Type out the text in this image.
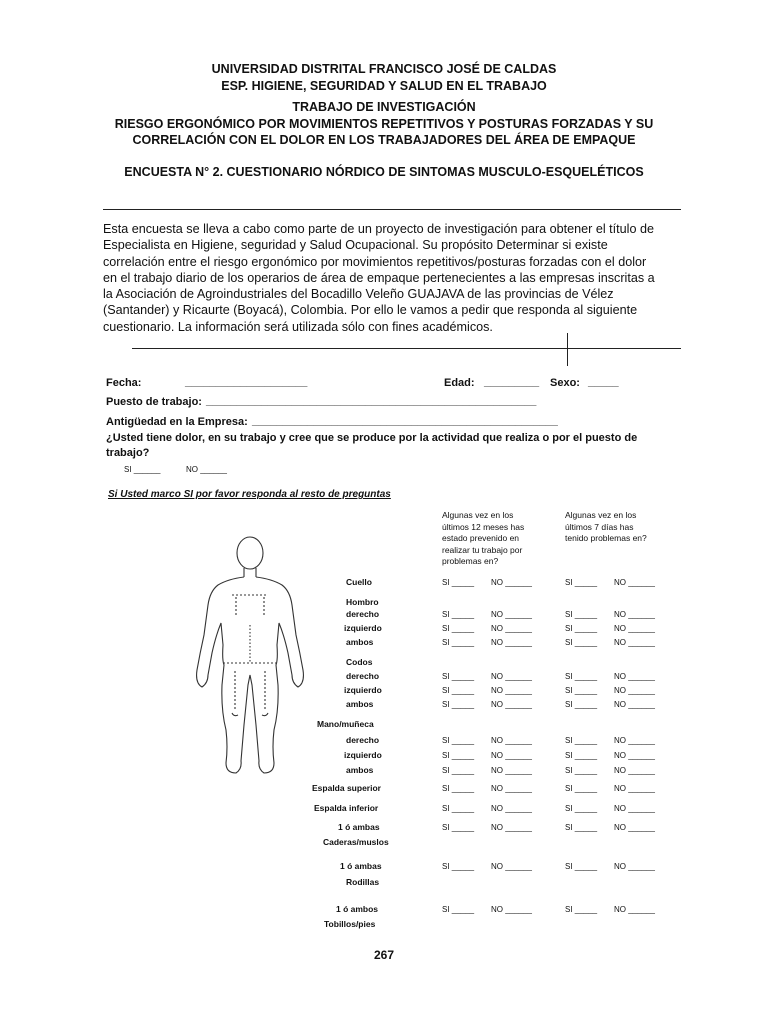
UNIVERSIDAD DISTRITAL FRANCISCO JOSÉ DE CALDAS
ESP. HIGIENE, SEGURIDAD Y SALUD EN EL TRABAJO
TRABAJO DE INVESTIGACIÓN
RIESGO ERGONÓMICO POR MOVIMIENTOS REPETITIVOS Y POSTURAS FORZADAS Y SU
CORRELACIÓN CON EL DOLOR EN LOS TRABAJADORES DEL ÁREA DE EMPAQUE
ENCUESTA N° 2. CUESTIONARIO NÓRDICO DE SINTOMAS MUSCULO-ESQUELÉTICOS
Esta encuesta se lleva a cabo como parte de un proyecto de investigación para obtener el título de
Especialista en Higiene, seguridad y Salud Ocupacional. Su propósito Determinar si existe
correlación entre el riesgo ergonómico por movimientos repetitivos/posturas forzadas con el dolor
en el trabajo diario de los operarios de área de empaque pertenecientes a las empresas inscritas a
la Asociación de Agroindustriales del Bocadillo Veleño GUAJAVA de las provincias de Vélez
(Santander) y Ricaurte (Boyacá), Colombia. Por ello le vamos a pedir que responda al siguiente
cuestionario. La información será utilizada sólo con fines académicos.
Fecha:	____________________	Edad: _________ Sexo: _____
Puesto de trabajo: ______________________________________________________
Antigüedad en la Empresa: __________________________________________________
¿Usted tiene dolor, en su trabajo y cree que se produce por la actividad que realiza o por el puesto de
trabajo?
SI ______	NO ______
Si Usted marco SI por favor responda al resto de preguntas
Algunas vez en los
últimos 12 meses has
estado prevenido en
realizar tu trabajo por
problemas en?
Algunas vez en los
últimos 7 días has
tenido problemas en?
Cuello	SI _____ NO ______	SI _____ NO ______
Hombro
derecho	SI _____ NO ______	SI _____ NO ______
izquierdo	SI _____ NO ______	SI _____ NO ______
ambos	SI _____ NO ______	SI _____ NO ______
Codos
derecho	SI _____ NO ______	SI _____ NO ______
izquierdo	SI _____ NO ______	SI _____ NO ______
ambos	SI _____ NO ______	SI _____ NO ______
Mano/muñeca
derecho	SI _____ NO ______	SI _____ NO ______
izquierdo	SI _____ NO ______	SI _____ NO ______
ambos	SI _____ NO ______	SI _____ NO ______
Espalda superior	SI _____ NO ______	SI _____ NO ______
Espalda inferior	SI _____ NO ______	SI _____ NO ______
1 ó ambas	SI _____ NO ______	SI _____ NO ______
Caderas/muslos
1 ó ambas	SI _____ NO ______	SI _____ NO ______
Rodillas
1 ó ambos	SI _____ NO ______	SI _____ NO ______
Tobillos/pies
267
